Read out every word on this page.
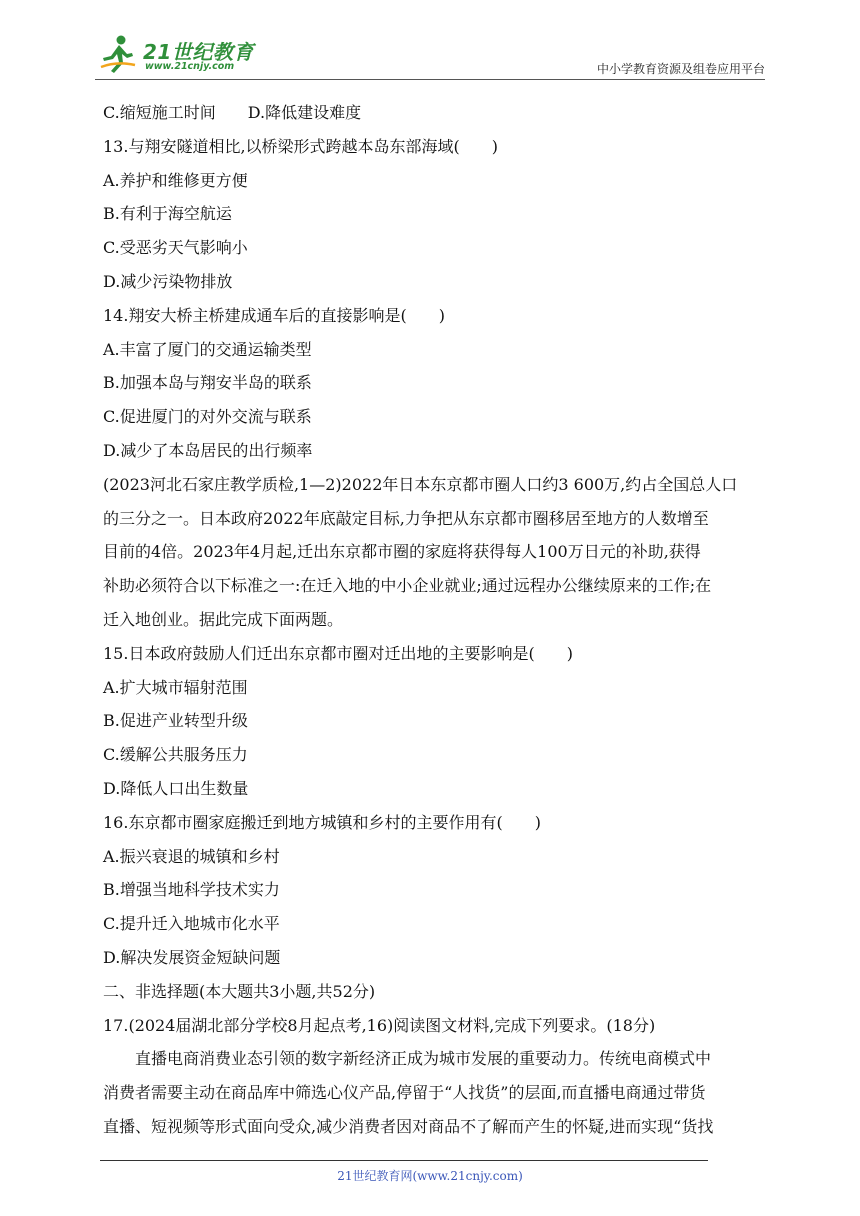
21世纪教育
www.21cnjy.com	中小学教育资源及组卷应用平台
C.缩短施工时间　　D.降低建设难度
13.与翔安隧道相比,以桥梁形式跨越本岛东部海域(　　)
A.养护和维修更方便
B.有利于海空航运
C.受恶劣天气影响小
D.减少污染物排放
14.翔安大桥主桥建成通车后的直接影响是(　　)
A.丰富了厦门的交通运输类型
B.加强本岛与翔安半岛的联系
C.促进厦门的对外交流与联系
D.减少了本岛居民的出行频率
(2023河北石家庄教学质检,1—2)2022年日本东京都市圈人口约3 600万,约占全国总人口
的三分之一。日本政府2022年底敲定目标,力争把从东京都市圈移居至地方的人数增至
目前的4倍。2023年4月起,迁出东京都市圈的家庭将获得每人100万日元的补助,获得
补助必须符合以下标准之一:在迁入地的中小企业就业;通过远程办公继续原来的工作;在
迁入地创业。据此完成下面两题。
15.日本政府鼓励人们迁出东京都市圈对迁出地的主要影响是(　　)
A.扩大城市辐射范围
B.促进产业转型升级
C.缓解公共服务压力
D.降低人口出生数量
16.东京都市圈家庭搬迁到地方城镇和乡村的主要作用有(　　)
A.振兴衰退的城镇和乡村
B.增强当地科学技术实力
C.提升迁入地城市化水平
D.解决发展资金短缺问题
二、非选择题(本大题共3小题,共52分)
17.(2024届湖北部分学校8月起点考,16)阅读图文材料,完成下列要求。(18分)
直播电商消费业态引领的数字新经济正成为城市发展的重要动力。传统电商模式中
消费者需要主动在商品库中筛选心仪产品,停留于“人找货”的层面,而直播电商通过带货
直播、短视频等形式面向受众,减少消费者因对商品不了解而产生的怀疑,进而实现“货找
21世纪教育网(www.21cnjy.com)
